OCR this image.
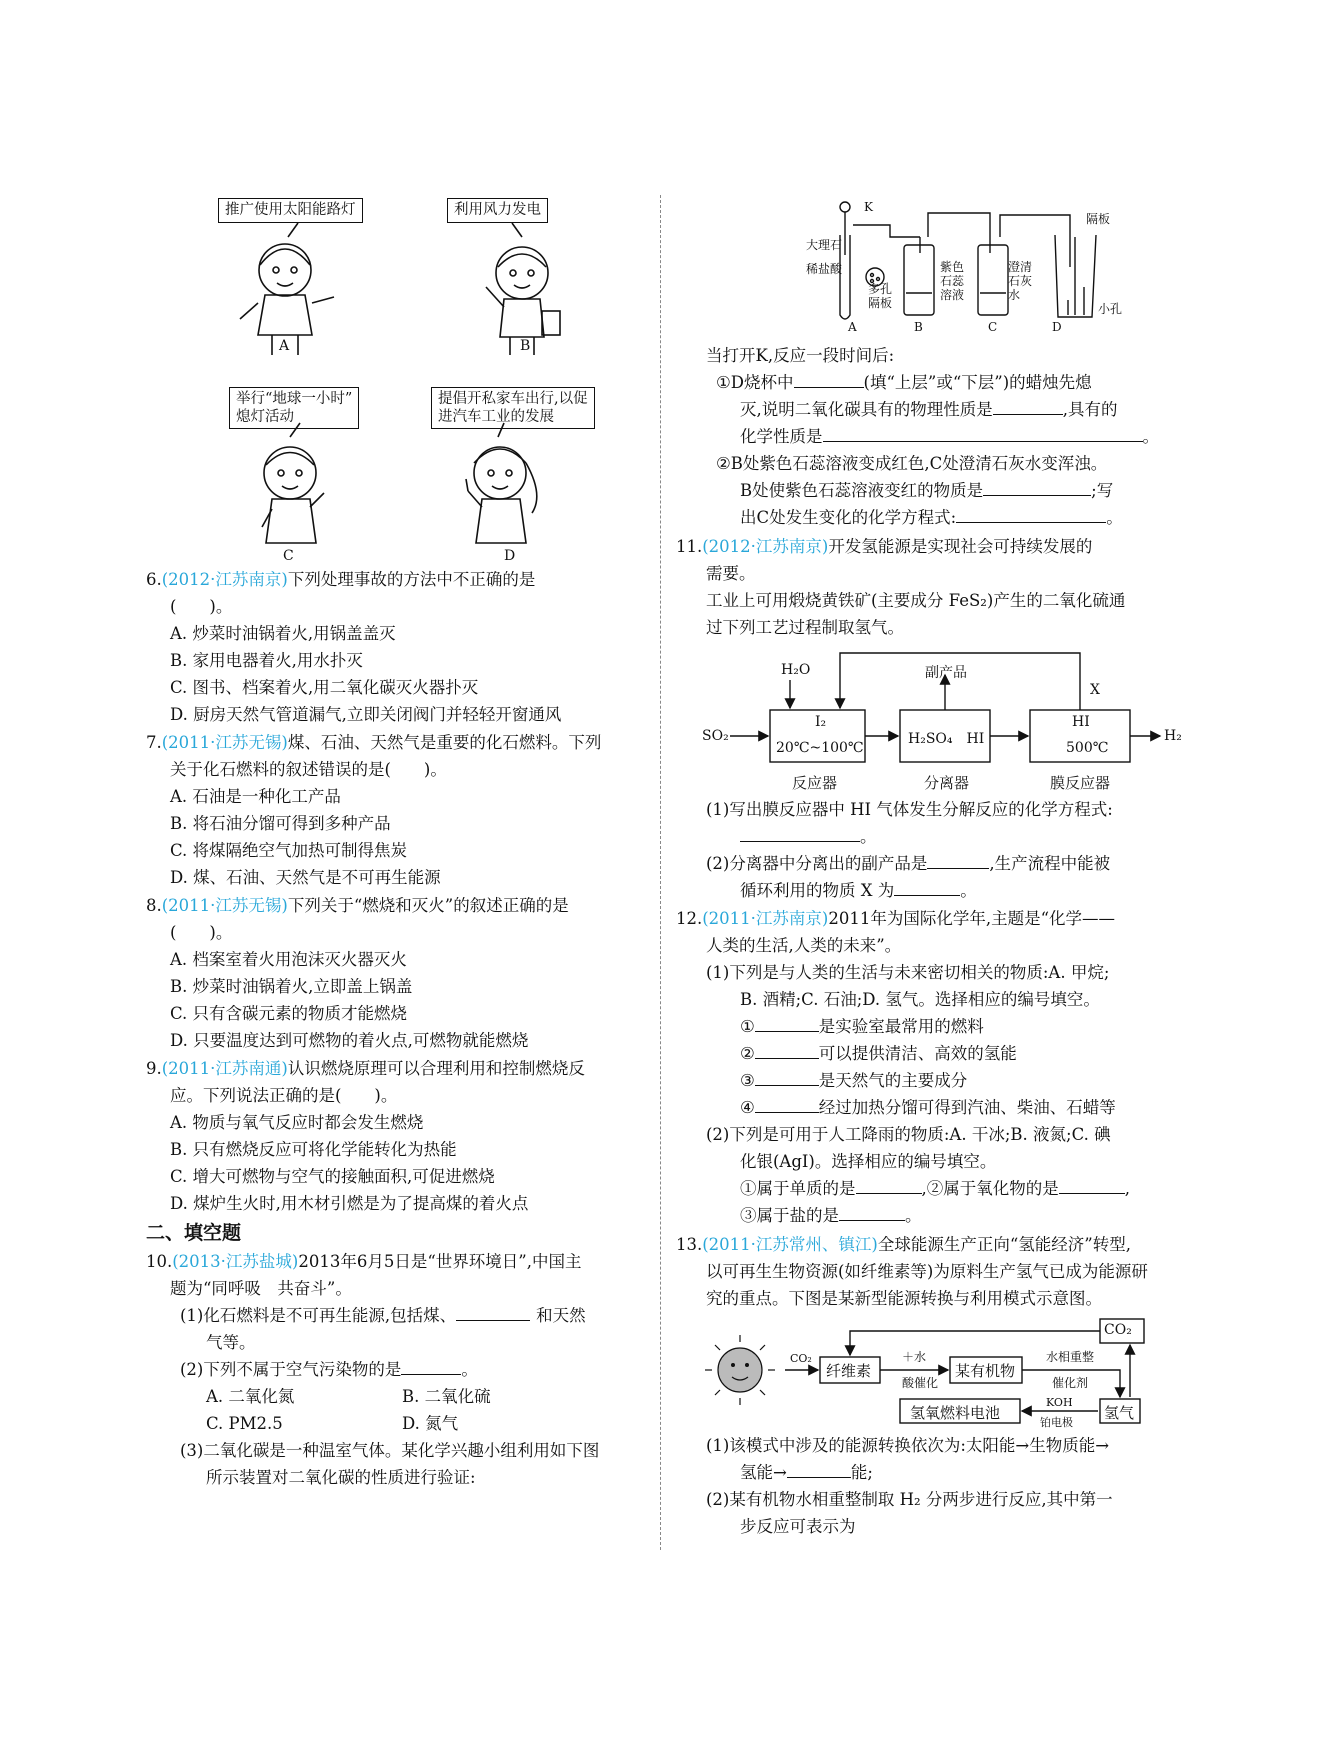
推广使用太阳能路灯	利用风力发电
举行“地球一小时”
熄灯活动
提倡开私家车出行,以促
进汽车工业的发展
A	B
C	D
6.(2012·江苏南京)下列处理事故的方法中不正确的是
(　　)。
A. 炒菜时油锅着火,用锅盖盖灭
B. 家用电器着火,用水扑灭
C. 图书、档案着火,用二氧化碳灭火器扑灭
D. 厨房天然气管道漏气,立即关闭阀门并轻轻开窗通风
7.(2011·江苏无锡)煤、石油、天然气是重要的化石燃料。下列
关于化石燃料的叙述错误的是(　　)。
A. 石油是一种化工产品
B. 将石油分馏可得到多种产品
C. 将煤隔绝空气加热可制得焦炭
D. 煤、石油、天然气是不可再生能源
8.(2011·江苏无锡)下列关于“燃烧和灭火”的叙述正确的是
(　　)。
A. 档案室着火用泡沫灭火器灭火
B. 炒菜时油锅着火,立即盖上锅盖
C. 只有含碳元素的物质才能燃烧
D. 只要温度达到可燃物的着火点,可燃物就能燃烧
9.(2011·江苏南通)认识燃烧原理可以合理利用和控制燃烧反
应。下列说法正确的是(　　)。
A. 物质与氧气反应时都会发生燃烧
B. 只有燃烧反应可将化学能转化为热能
C. 增大可燃物与空气的接触面积,可促进燃烧
D. 煤炉生火时,用木材引燃是为了提高煤的着火点
二、填空题
10.(2013·江苏盐城)2013年6月5日是“世界环境日”,中国主
题为“同呼吸　共奋斗”。
(1)化石燃料是不可再生能源,包括煤、	和天然
气等。
(2)下列不属于空气污染物的是	。
A. 二氧化氮	B. 二氧化硫
C. PM2.5	D. 氮气
(3)二氧化碳是一种温室气体。某化学兴趣小组利用如下图
所示装置对二氧化碳的性质进行验证:
K
大理石
稀盐酸
多孔
隔板
紫色
石蕊
溶液
澄清
石灰
水
隔板
小孔
A	B	C	D
当打开K,反应一段时间后:
①D烧杯中	(填“上层”或“下层”)的蜡烛先熄
灭,说明二氧化碳具有的物理性质是	,具有的
化学性质是	。
②B处紫色石蕊溶液变成红色,C处澄清石灰水变浑浊。
B处使紫色石蕊溶液变红的物质是	;写
出C处发生变化的化学方程式:	。
11.(2012·江苏南京)开发氢能源是实现社会可持续发展的
需要。
工业上可用煅烧黄铁矿(主要成分 FeS₂)产生的二氧化硫通
过下列工艺过程制取氢气。
H₂O	副产品
X
SO₂
I₂
20℃~100℃
H₂SO₄　HI
HI
500℃
H₂
反应器	分离器	膜反应器
(1)写出膜反应器中 HI 气体发生分解反应的化学方程式:
。
(2)分离器中分离出的副产品是	,生产流程中能被
循环利用的物质 X 为	。
12.(2011·江苏南京)2011年为国际化学年,主题是“化学——
人类的生活,人类的未来”。
(1)下列是与人类的生活与未来密切相关的物质:A. 甲烷;
B. 酒精;C. 石油;D. 氢气。选择相应的编号填空。
①	是实验室最常用的燃料
②	可以提供清洁、高效的氢能
③	是天然气的主要成分
④	经过加热分馏可得到汽油、柴油、石蜡等
(2)下列是可用于人工降雨的物质:A. 干冰;B. 液氮;C. 碘
化银(AgI)。选择相应的编号填空。
①属于单质的是	,②属于氧化物的是	,
③属于盐的是	。
13.(2011·江苏常州、镇江)全球能源生产正向“氢能经济”转型,
以可再生生物资源(如纤维素等)为原料生产氢气已成为能源研
究的重点。下图是某新型能源转换与利用模式示意图。
CO₂
CO₂
纤维素
＋水
酸催化
某有机物
水相重整
催化剂
氢氧燃料电池
KOH
铂电极
氢气
(1)该模式中涉及的能源转换依次为:太阳能→生物质能→
氢能→	能;
(2)某有机物水相重整制取 H₂ 分两步进行反应,其中第一
步反应可表示为
